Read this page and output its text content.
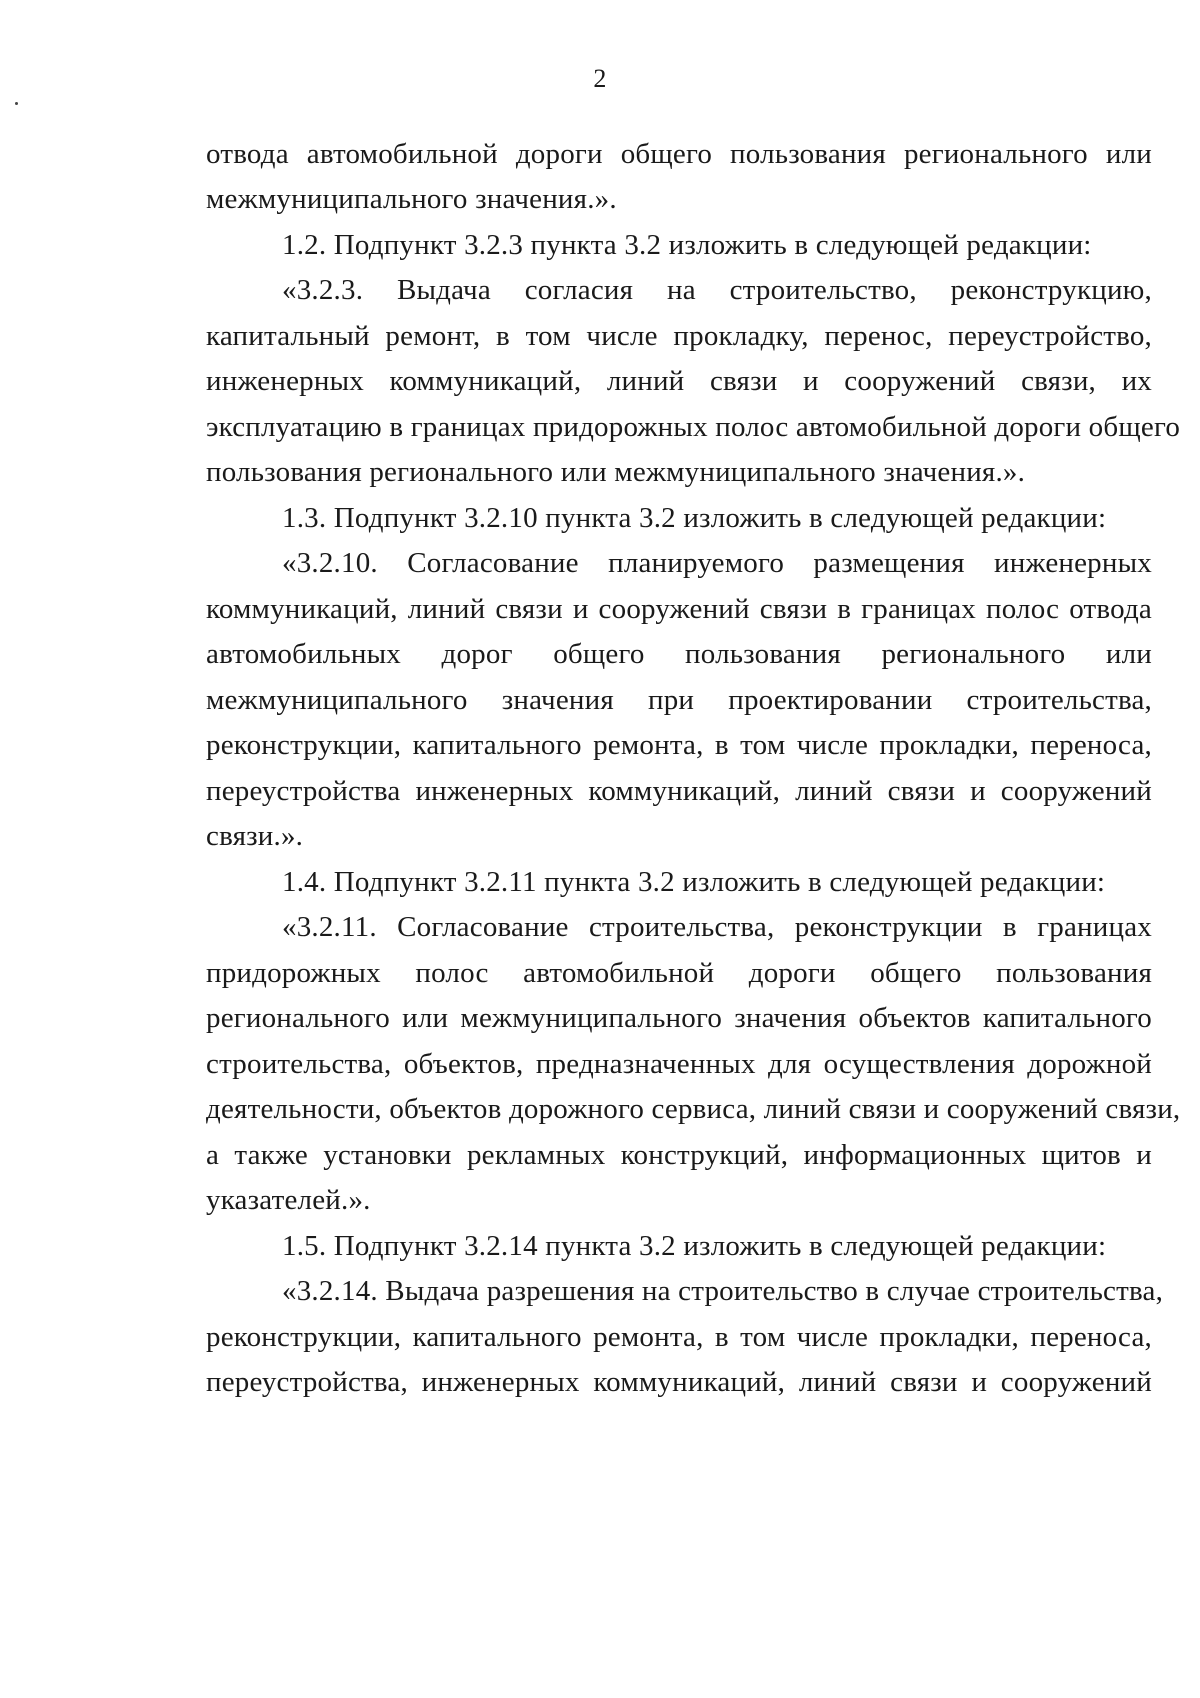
2
отвода автомобильной дороги общего пользования регионального или
межмуниципального значения.».
1.2. Подпункт 3.2.3 пункта 3.2 изложить в следующей редакции:
«3.2.3. Выдача согласия на строительство, реконструкцию,
капитальный ремонт, в том числе прокладку, перенос, переустройство,
инженерных коммуникаций, линий связи и сооружений связи, их
эксплуатацию в границах придорожных полос автомобильной дороги общего
пользования регионального или межмуниципального значения.».
1.3. Подпункт 3.2.10 пункта 3.2 изложить в следующей редакции:
«3.2.10. Согласование планируемого размещения инженерных
коммуникаций, линий связи и сооружений связи в границах полос отвода
автомобильных дорог общего пользования регионального или
межмуниципального значения при проектировании строительства,
реконструкции, капитального ремонта, в том числе прокладки, переноса,
переустройства инженерных коммуникаций, линий связи и сооружений
связи.».
1.4. Подпункт 3.2.11 пункта 3.2 изложить в следующей редакции:
«3.2.11. Согласование строительства, реконструкции в границах
придорожных полос автомобильной дороги общего пользования
регионального или межмуниципального значения объектов капитального
строительства, объектов, предназначенных для осуществления дорожной
деятельности, объектов дорожного сервиса, линий связи и сооружений связи,
а также установки рекламных конструкций, информационных щитов и
указателей.».
1.5. Подпункт 3.2.14 пункта 3.2 изложить в следующей редакции:
«3.2.14. Выдача разрешения на строительство в случае строительства,
реконструкции, капитального ремонта, в том числе прокладки, переноса,
переустройства, инженерных коммуникаций, линий связи и сооружений
